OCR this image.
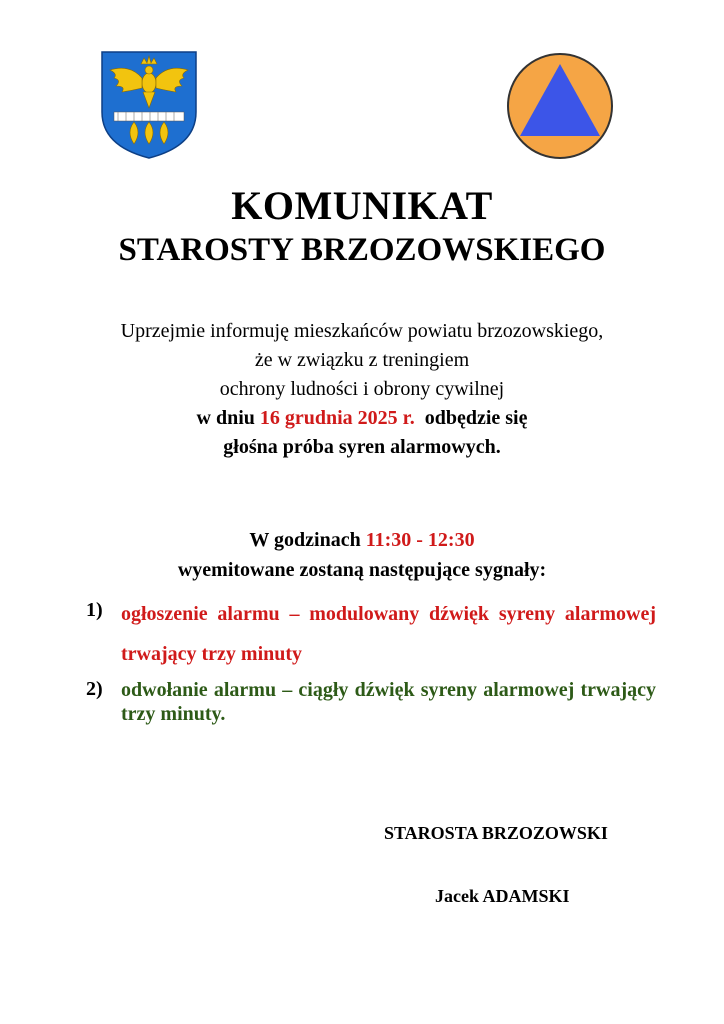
KOMUNIKAT
STAROSTY BRZOZOWSKIEGO
Uprzejmie informuję mieszkańców powiatu brzozowskiego,
że w związku z treningiem
ochrony ludności i obrony cywilnej
w dniu 16 grudnia 2025 r.  odbędzie się
głośna próba syren alarmowych.
W godzinach 11:30 - 12:30
wyemitowane zostaną następujące sygnały:
1) ogłoszenie alarmu – modulowany dźwięk syreny alarmowej trwający trzy minuty
2) odwołanie alarmu – ciągły dźwięk syreny alarmowej trwający trzy minuty.
STAROSTA BRZOZOWSKI
Jacek ADAMSKI
